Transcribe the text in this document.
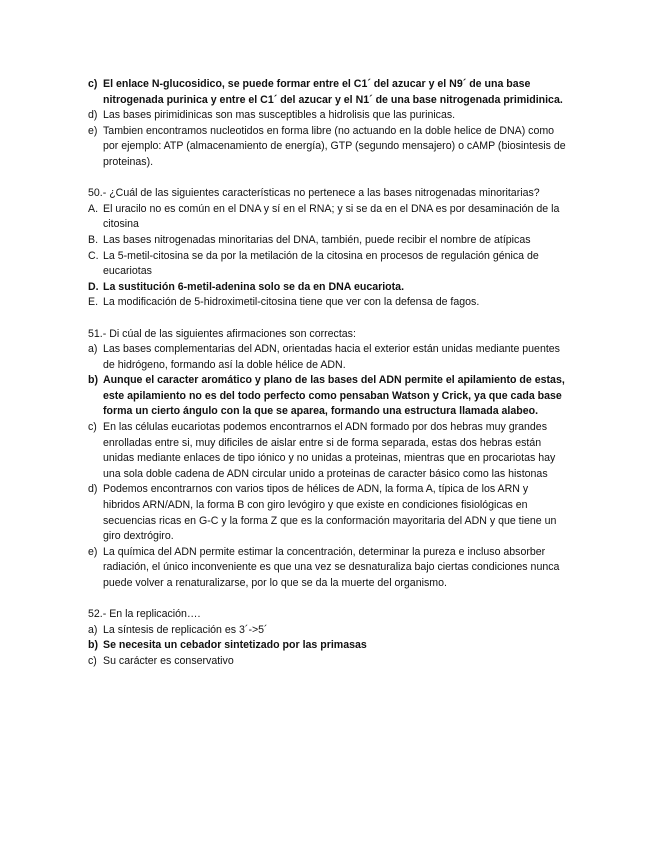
c) El enlace N-glucosidico, se puede formar entre el C1´ del azucar y el N9´ de una base nitrogenada purinica y entre el C1´ del azucar y el N1´ de una base nitrogenada primidinica.
d) Las bases pirimidinicas son mas susceptibles a hidrolisis que las purinicas.
e) Tambien encontramos nucleotidos en forma libre (no actuando en la doble helice de DNA) como por ejemplo: ATP (almacenamiento de energía), GTP (segundo mensajero) o cAMP (biosintesis de proteinas).
50.- ¿Cuál de las siguientes características no pertenece a las bases nitrogenadas minoritarias?
A. El uracilo no es común en el DNA y sí en el RNA; y si se da en el DNA es por desaminación de la citosina
B. Las bases nitrogenadas minoritarias del DNA, también, puede recibir el nombre de atípicas
C. La 5-metil-citosina se da por la metilación de la citosina en procesos de regulación génica de eucariotas
D. La sustitución 6-metil-adenina solo se da en DNA eucariota.
E. La modificación de 5-hidroximetil-citosina tiene que ver con la defensa de fagos.
51.- Di cúal de las siguientes afirmaciones son correctas:
a) Las bases complementarias del ADN, orientadas hacia el exterior están unidas mediante puentes de hidrógeno, formando así la doble hélice de ADN.
b) Aunque el caracter aromático y plano de las bases del ADN permite el apilamiento de estas, este apilamiento no es del todo perfecto como pensaban Watson y Crick, ya que cada base forma un cierto ángulo con la que se aparea, formando una estructura llamada alabeo.
c) En las células eucariotas podemos encontrarnos el ADN formado por dos hebras muy grandes enrolladas entre si, muy dificiles de aislar entre si de forma separada, estas dos hebras están unidas mediante enlaces de tipo iónico y no unidas a proteinas, mientras que en procariotas hay una sola doble cadena de ADN circular unido a proteinas de caracter básico como las histonas
d) Podemos encontrarnos con varios tipos de hélices de ADN, la forma A, típica de los ARN y hibridos ARN/ADN, la forma B con giro levógiro y que existe en condiciones fisiológicas en secuencias ricas en G-C y la forma Z que es la conformación mayoritaria del ADN y que tiene un giro dextrógiro.
e) La química del ADN permite estimar la concentración, determinar la pureza e incluso absorber radiación, el único inconveniente es que una vez se desnaturaliza bajo ciertas condiciones nunca puede volver a renaturalizarse, por lo que se da la muerte del organismo.
52.- En la replicación….
a) La síntesis de replicación es 3´->5´
b) Se necesita un cebador sintetizado por las primasas
c) Su carácter es conservativo
